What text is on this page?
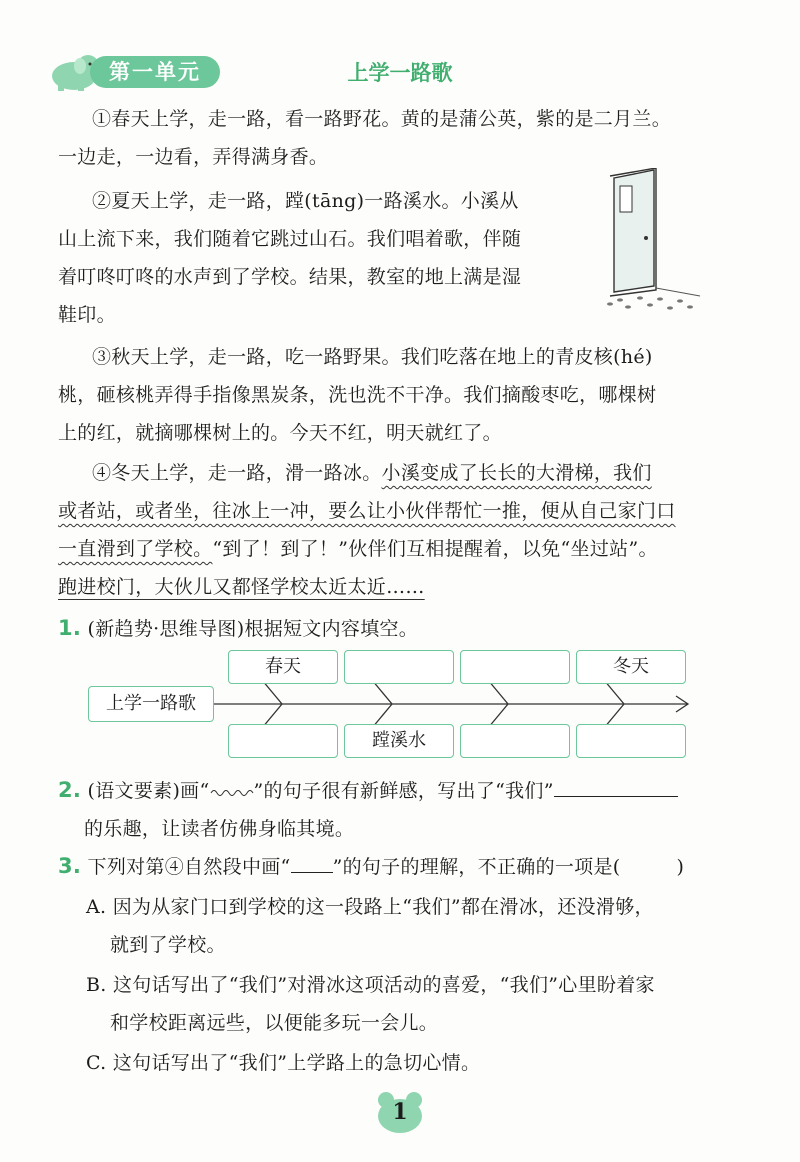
第一单元	上学一路歌
①春天上学，走一路，看一路野花。黄的是蒲公英，紫的是二月兰。
一边走，一边看，弄得满身香。
②夏天上学，走一路，蹚(tāng)一路溪水。小溪从
山上流下来，我们随着它跳过山石。我们唱着歌，伴随
着叮咚叮咚的水声到了学校。结果，教室的地上满是湿
鞋印。
③秋天上学，走一路，吃一路野果。我们吃落在地上的青皮核(hé)
桃，砸核桃弄得手指像黑炭条，洗也洗不干净。我们摘酸枣吃，哪棵树
上的红，就摘哪棵树上的。今天不红，明天就红了。
④冬天上学，走一路，滑一路冰。小溪变成了长长的大滑梯，我们
或者站，或者坐，往冰上一冲，要么让小伙伴帮忙一推，便从自己家门口
一直滑到了学校。“到了！到了！”伙伴们互相提醒着，以免“坐过站”。
跑进校门，大伙儿又都怪学校太近太近……
1. (新趋势·思维导图)根据短文内容填空。
上学一路歌
春天	冬天
蹚溪水
2. (语文要素)画“ ”的句子很有新鲜感，写出了“我们”
的乐趣，让读者仿佛身临其境。
3. 下列对第④自然段中画“ ”的句子的理解，不正确的一项是(	)
A. 因为从家门口到学校的这一段路上“我们”都在滑冰，还没滑够，
就到了学校。
B. 这句话写出了“我们”对滑冰这项活动的喜爱，“我们”心里盼着家
和学校距离远些，以便能多玩一会儿。
C. 这句话写出了“我们”上学路上的急切心情。
1
